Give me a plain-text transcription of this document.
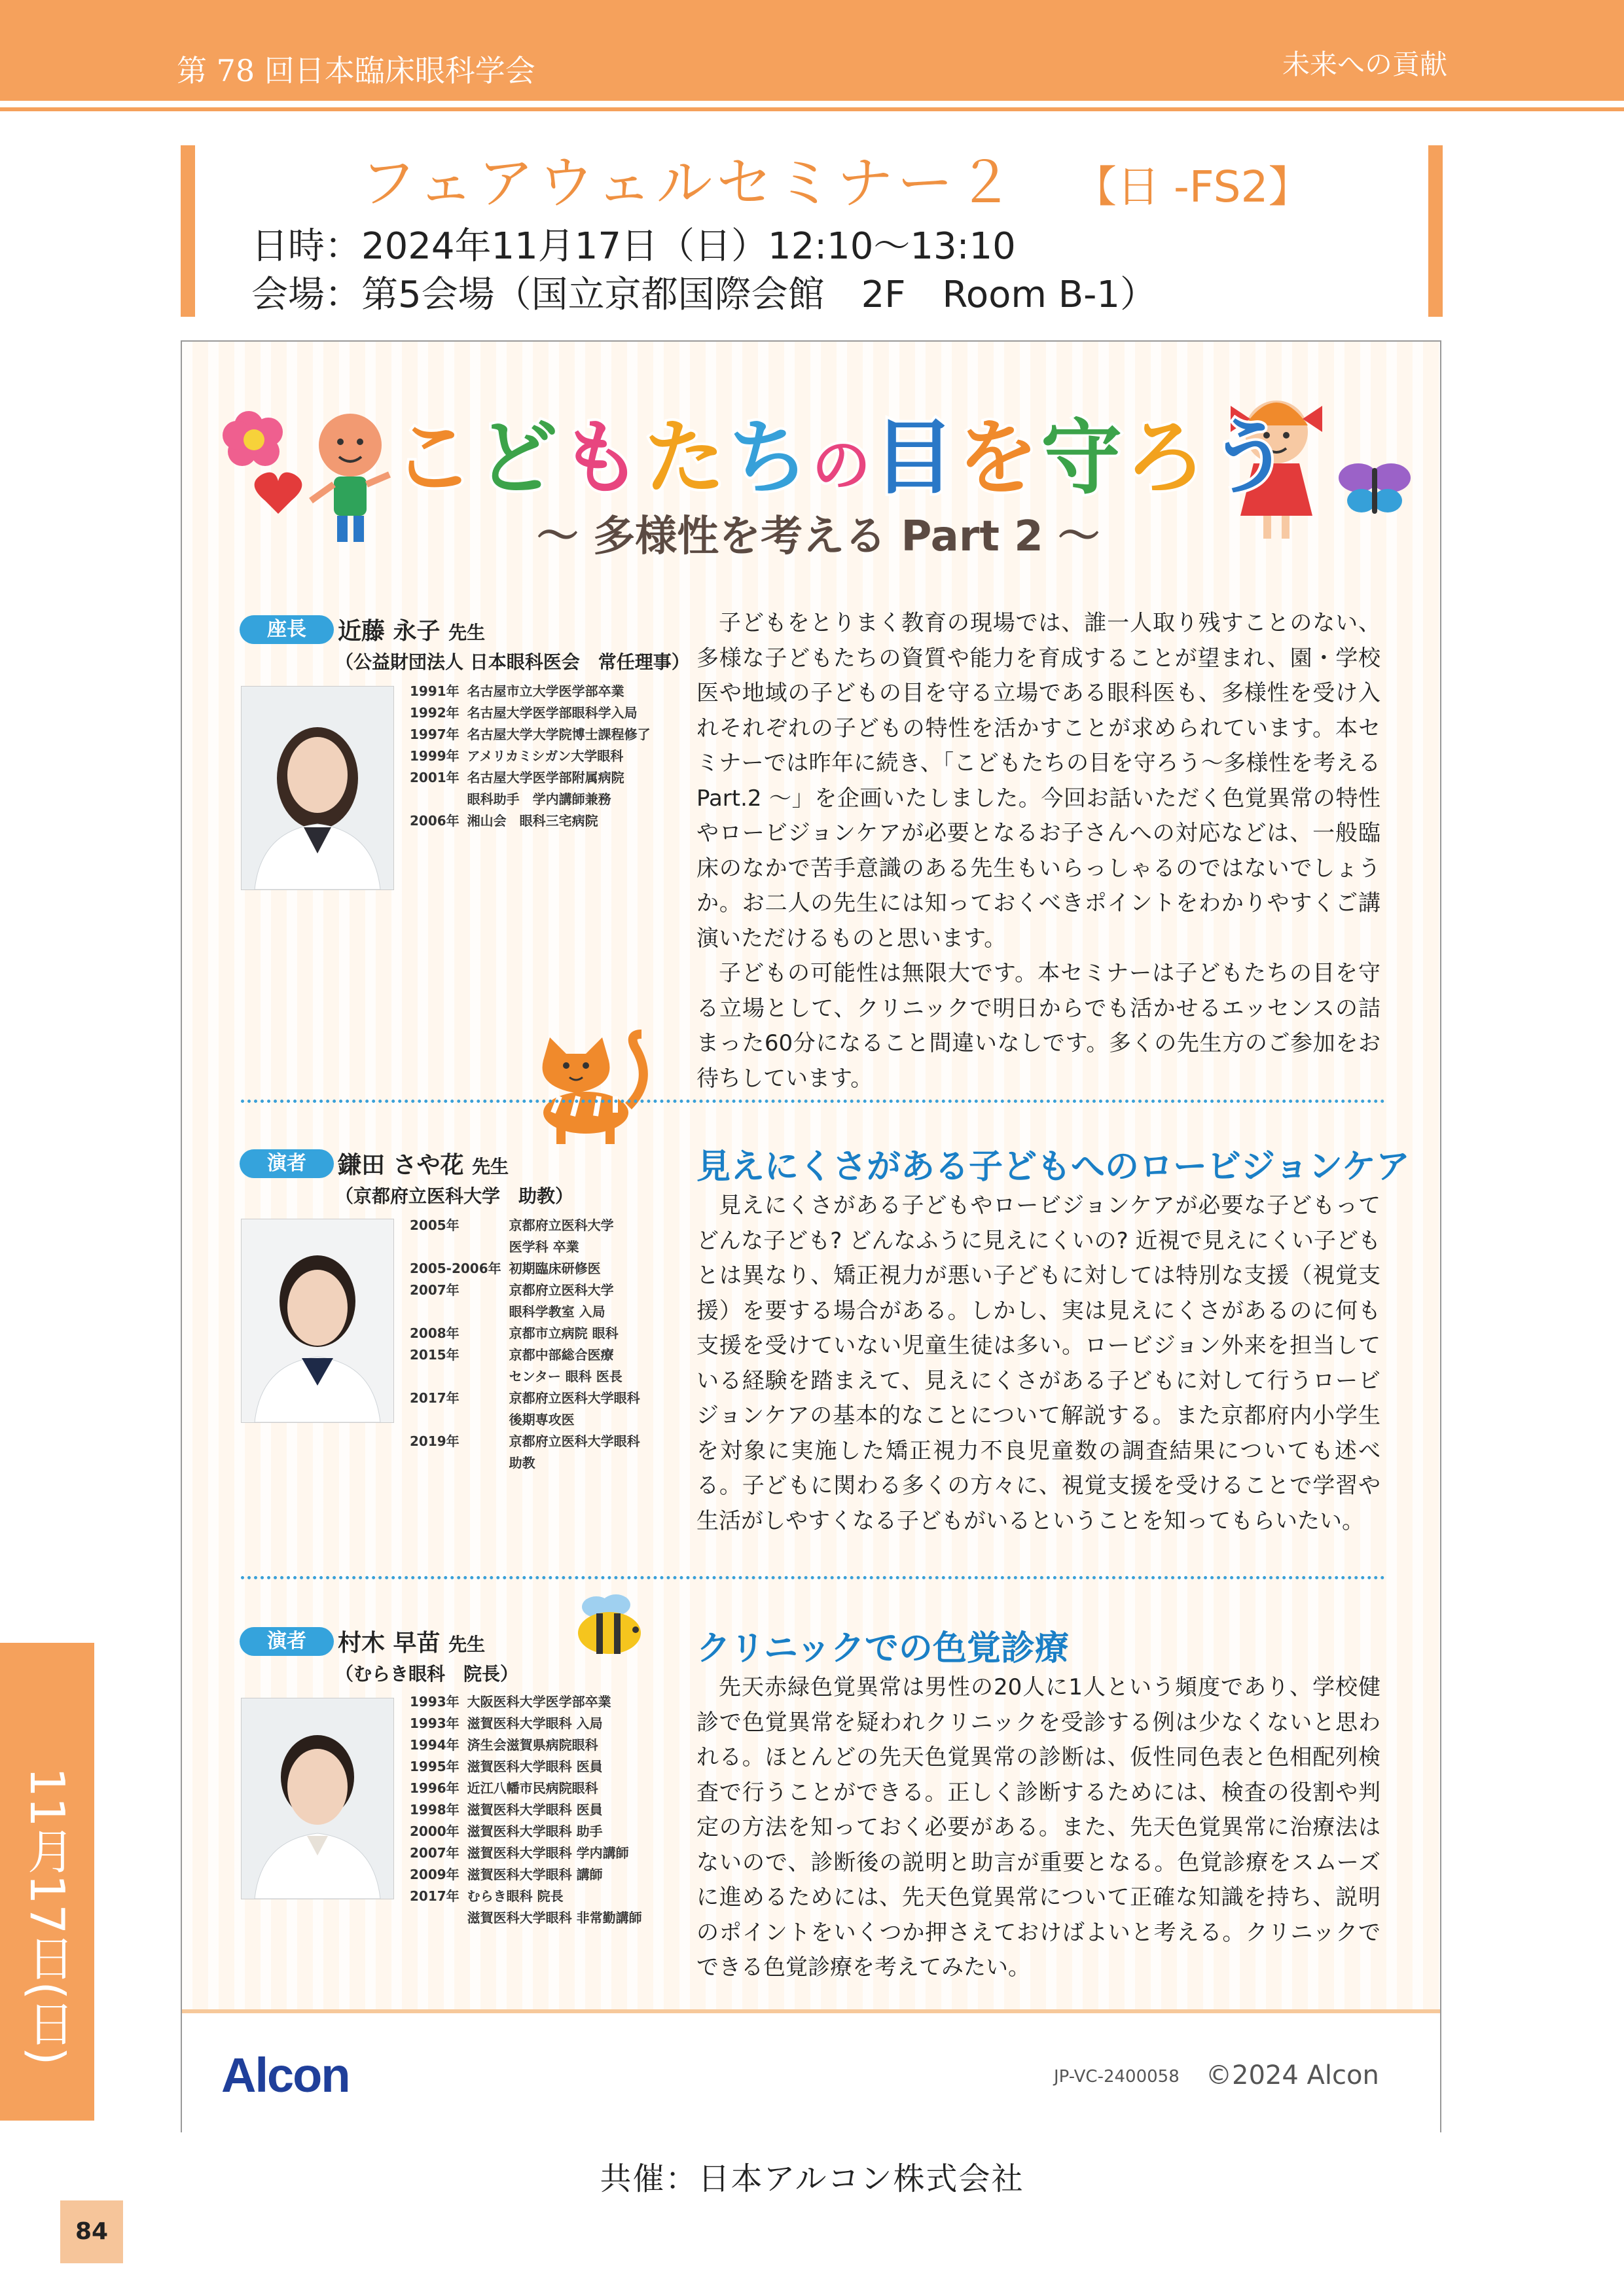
第 78 回日本臨床眼科学会	未来への貢献
フェアウェルセミナー２ 【日 -FS2】
日時：2024年11月17日（日）12:10～13:10
会場：第5会場（国立京都国際会館　2F　Room B-1）
こどもたちの目を守ろう
～ 多様性を考える Part 2 ～
座長	近藤 永子 先生
（公益財団法人 日本眼科医会　常任理事）
1991年	名古屋市立大学医学部卒業
1992年	名古屋大学医学部眼科学入局
1997年	名古屋大学大学院博士課程修了
1999年	アメリカミシガン大学眼科
2001年	名古屋大学医学部附属病院
	眼科助手　学内講師兼務
2006年	湘山会　眼科三宅病院

子どもをとりまく教育の現場では、誰一人取り残すことのない、多様な子どもたちの資質や能力を育成することが望まれ、園・学校医や地域の子どもの目を守る立場である眼科医も、多様性を受け入れそれぞれの子どもの特性を活かすことが求められています。本セミナーでは昨年に続き、「こどもたちの目を守ろう～多様性を考えるPart.2 ～」を企画いたしました。今回お話いただく色覚異常の特性やロービジョンケアが必要となるお子さんへの対応などは、一般臨床のなかで苦手意識のある先生もいらっしゃるのではないでしょうか。お二人の先生には知っておくべきポイントをわかりやすくご講演いただけるものと思います。

子どもの可能性は無限大です。本セミナーは子どもたちの目を守る立場として、クリニックで明日からでも活かせるエッセンスの詰まった60分になること間違いなしです。多くの先生方のご参加をお待ちしています。

演者	鎌田 さや花 先生
（京都府立医科大学　助教）
2005年	京都府立医科大学
	医学科 卒業
2005-2006年	初期臨床研修医
2007年	京都府立医科大学
	眼科学教室 入局
2008年	京都市立病院 眼科
2015年	京都中部総合医療
	センター 眼科 医長
2017年	京都府立医科大学眼科
	後期専攻医
2019年	京都府立医科大学眼科
	助教
見えにくさがある子どもへのロービジョンケア

見えにくさがある子どもやロービジョンケアが必要な子どもってどんな子ども? どんなふうに見えにくいの? 近視で見えにくい子どもとは異なり、矯正視力が悪い子どもに対しては特別な支援（視覚支援）を要する場合がある。しかし、実は見えにくさがあるのに何も支援を受けていない児童生徒は多い。ロービジョン外来を担当している経験を踏まえて、見えにくさがある子どもに対して行うロービジョンケアの基本的なことについて解説する。また京都府内小学生を対象に実施した矯正視力不良児童数の調査結果についても述べる。子どもに関わる多くの方々に、視覚支援を受けることで学習や生活がしやすくなる子どもがいるということを知ってもらいたい。

演者	村木 早苗 先生
（むらき眼科　院長）
1993年	大阪医科大学医学部卒業
1993年	滋賀医科大学眼科 入局
1994年	済生会滋賀県病院眼科
1995年	滋賀医科大学眼科 医員
1996年	近江八幡市民病院眼科
1998年	滋賀医科大学眼科 医員
2000年	滋賀医科大学眼科 助手
2007年	滋賀医科大学眼科 学内講師
2009年	滋賀医科大学眼科 講師
2017年	むらき眼科 院長
	滋賀医科大学眼科 非常勤講師
クリニックでの色覚診療

先天赤緑色覚異常は男性の20人に1人という頻度であり、学校健診で色覚異常を疑われクリニックを受診する例は少なくないと思われる。ほとんどの先天色覚異常の診断は、仮性同色表と色相配列検査で行うことができる。正しく診断するためには、検査の役割や判定の方法を知っておく必要がある。また、先天色覚異常に治療法はないので、診断後の説明と助言が重要となる。色覚診療をスムーズに進めるためには、先天色覚異常について正確な知識を持ち、説明のポイントをいくつか押さえておけばよいと考える。クリニックでできる色覚診療を考えてみたい。

Alcon	JP-VC-2400058 ©2024 Alcon
共催：日本アルコン株式会社
11月17日(日)
84
